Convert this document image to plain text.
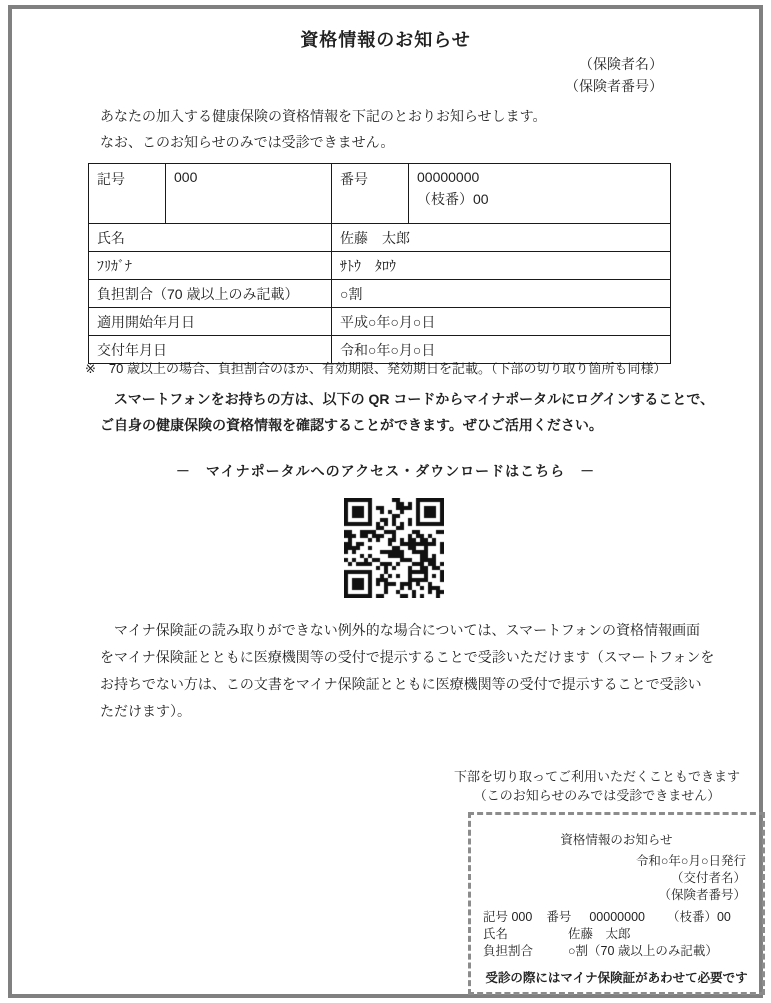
資格情報のお知らせ
（保険者名）
（保険者番号）
あなたの加入する健康保険の資格情報を下記のとおりお知らせします。
なお、このお知らせのみでは受診できません。
記号	000	番号	00000000
（枝番）00

氏名		佐藤　太郎	
ﾌﾘｶﾞﾅ		ｻﾄｳ　ﾀﾛｳ	
負担割合（70 歳以上のみ記載）		○割	
適用開始年月日		平成○年○月○日	
交付年月日		令和○年○月○日	
※　70 歳以上の場合、負担割合のほか、有効期限、発効期日を記載。（下部の切り取り箇所も同様）
スマートフォンをお持ちの方は、以下の QR コードからマイナポータルにログインすることで、
ご自身の健康保険の資格情報を確認することができます。ぜひご活用ください。
－　マイナポータルへのアクセス・ダウンロードはこちら　－
　マイナ保険証の読み取りができない例外的な場合については、スマートフォンの資格情報画面
をマイナ保険証とともに医療機関等の受付で提示することで受診いただけます（スマートフォンを
お持ちでない方は、この文書をマイナ保険証とともに医療機関等の受付で提示することで受診い
ただけます）。
下部を切り取ってご利用いただくこともできます
（このお知らせのみでは受診できません）
資格情報のお知らせ
令和○年○月○日発行
（交付者名）
（保険者番号）
記号 000 番号 00000000 （枝番）00
氏名	佐藤　太郎
負担割合	○割（70 歳以上のみ記載）
受診の際にはマイナ保険証があわせて必要です
